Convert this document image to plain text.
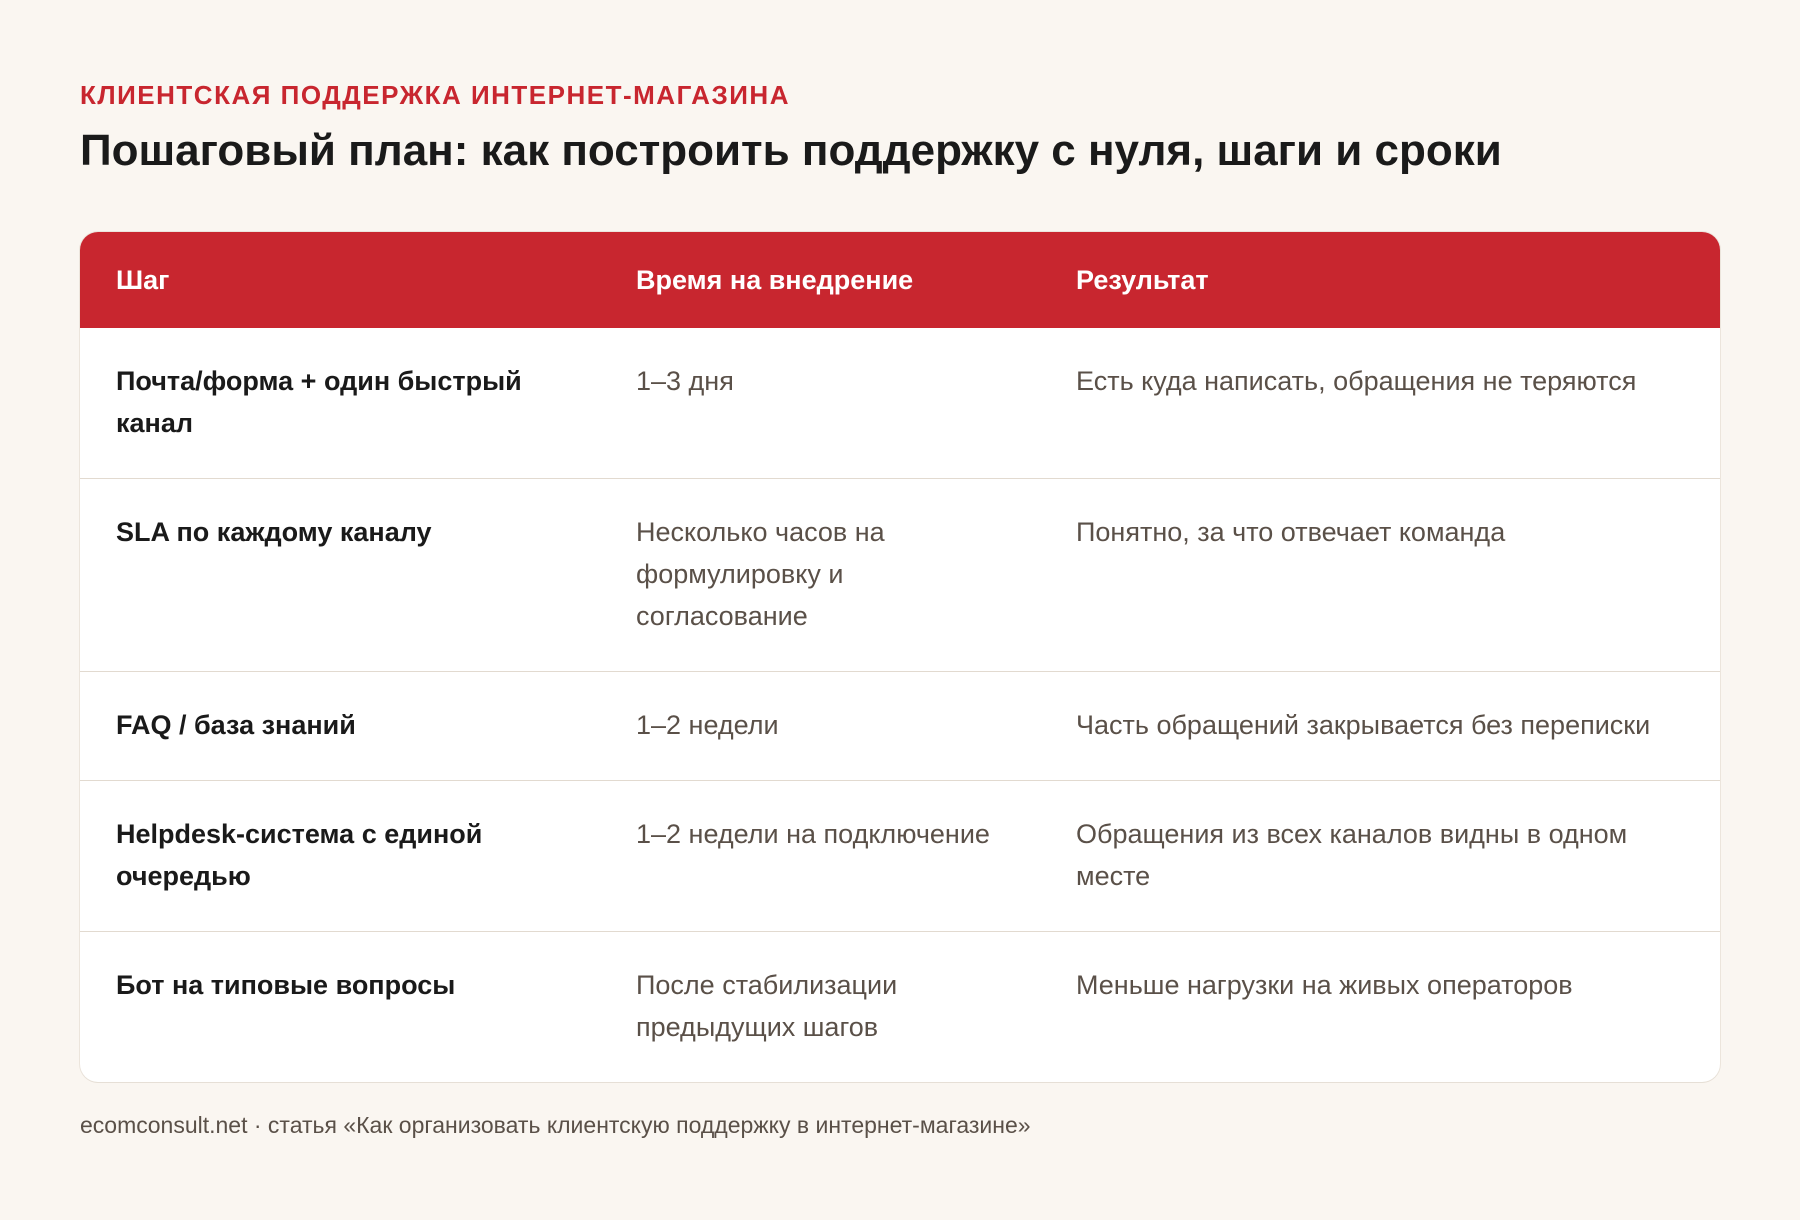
КЛИЕНТСКАЯ ПОДДЕРЖКА ИНТЕРНЕТ-МАГАЗИНА
Пошаговый план: как построить поддержку с нуля, шаги и сроки
Шаг	Время на внедрение	Результат
Почта/форма + один быстрый канал	1–3 дня	Есть куда написать, обращения не теряются
SLA по каждому каналу	Несколько часов на формулировку и согласование	Понятно, за что отвечает команда
FAQ / база знаний	1–2 недели	Часть обращений закрывается без переписки
Helpdesk-система с единой очередью	1–2 недели на подключение	Обращения из всех каналов видны в одном месте
Бот на типовые вопросы	После стабилизации предыдущих шагов	Меньше нагрузки на живых операторов
ecomconsult.net · статья «Как организовать клиентскую поддержку в интернет-магазине»
